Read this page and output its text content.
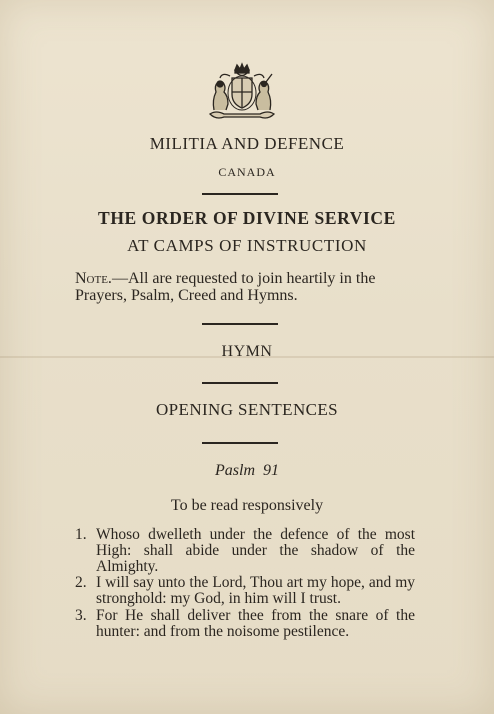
MILITIA AND DEFENCE
CANADA
THE ORDER OF DIVINE SERVICE
AT CAMPS OF INSTRUCTION
Note.—All are requested to join heartily in the Prayers, Psalm, Creed and Hymns.
HYMN
OPENING SENTENCES
Paslm 91
To be read responsively
1. Whoso dwelleth under the defence of the most High: shall abide under the shadow of the Almighty.
2. I will say unto the Lord, Thou art my hope, and my stronghold: my God, in him will I trust.
3. For He shall deliver thee from the snare of the hunter: and from the noisome pestilence.
